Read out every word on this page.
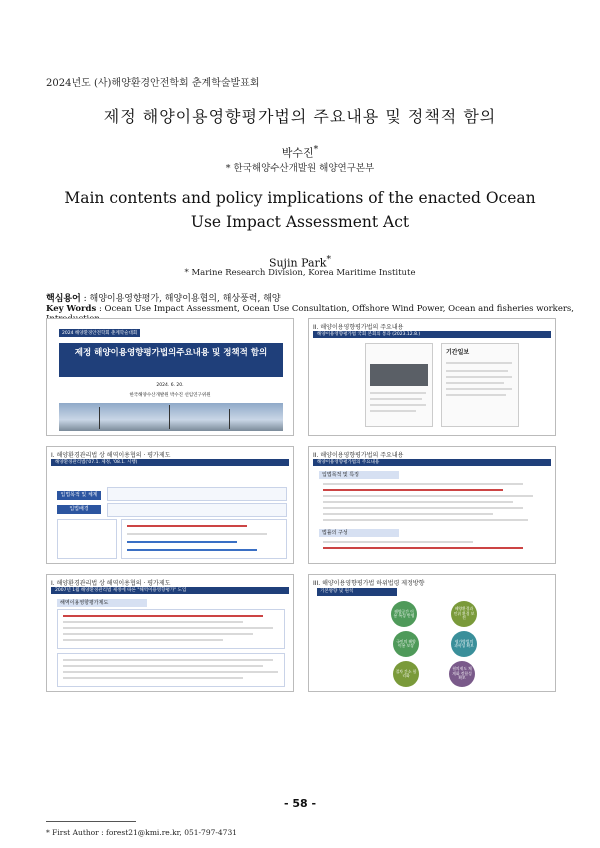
2024년도 (사)해양환경안전학회 춘계학술발표회
제정 해양이용영향평가법의 주요내용 및 정책적 함의
박수진*
* 한국해양수산개발원 해양연구본부
Main contents and policy implications of the enacted Ocean Use Impact Assessment Act
Sujin Park*
* Marine Research Division, Korea Maritime Institute
핵심용어 : 해양이용영향평가, 해양이용협의, 해상풍력, 해양
Key Words : Ocean Use Impact Assessment, Ocean Use Consultation, Offshore Wind Power, Ocean and fisheries workers,
2024 해양환경안전학회 춘계학술대회
제정 해양이용영향평가법의주요내용 및 정책적 함의
2024. 6. 20.
한국해양수산개발원 박수진 선임연구위원
II. 해양이용영향평가법의 주요내용
해양이용영향평가법 국회 본회의 통과 (2023.12.8.)
기간일보
I. 해양환경관리법 상 해역이용협의 · 평가제도
해양환경관리법('07.1. 제정, '08.1. 시행)
입법목적 및 체계
입법배경
II. 해양이용영향평가법의 주요내용
해양이용영향평가법의 주요내용
입법목적 및 특징
법률의 구성
I. 해양환경관리법 상 해역이용협의 · 평가제도
2007년 1월 해양환경관리법 제정에 따른 "해역이용영향평가" 도입
해역이용영향평가제도
III. 해양이용영향평가법 하위법령 제정방향
기본방향 및 원칙
해양공간 이용 특성 반영
해양환경과 인위 환경 보전
국민의 해양이용 보장
평가방법의 과학성 확보
절차 간소 합리화
협의제도 체계화 정합성 확보
* First Author : forest21@kmi.re.kr, 051-797-4731
- 58 -
